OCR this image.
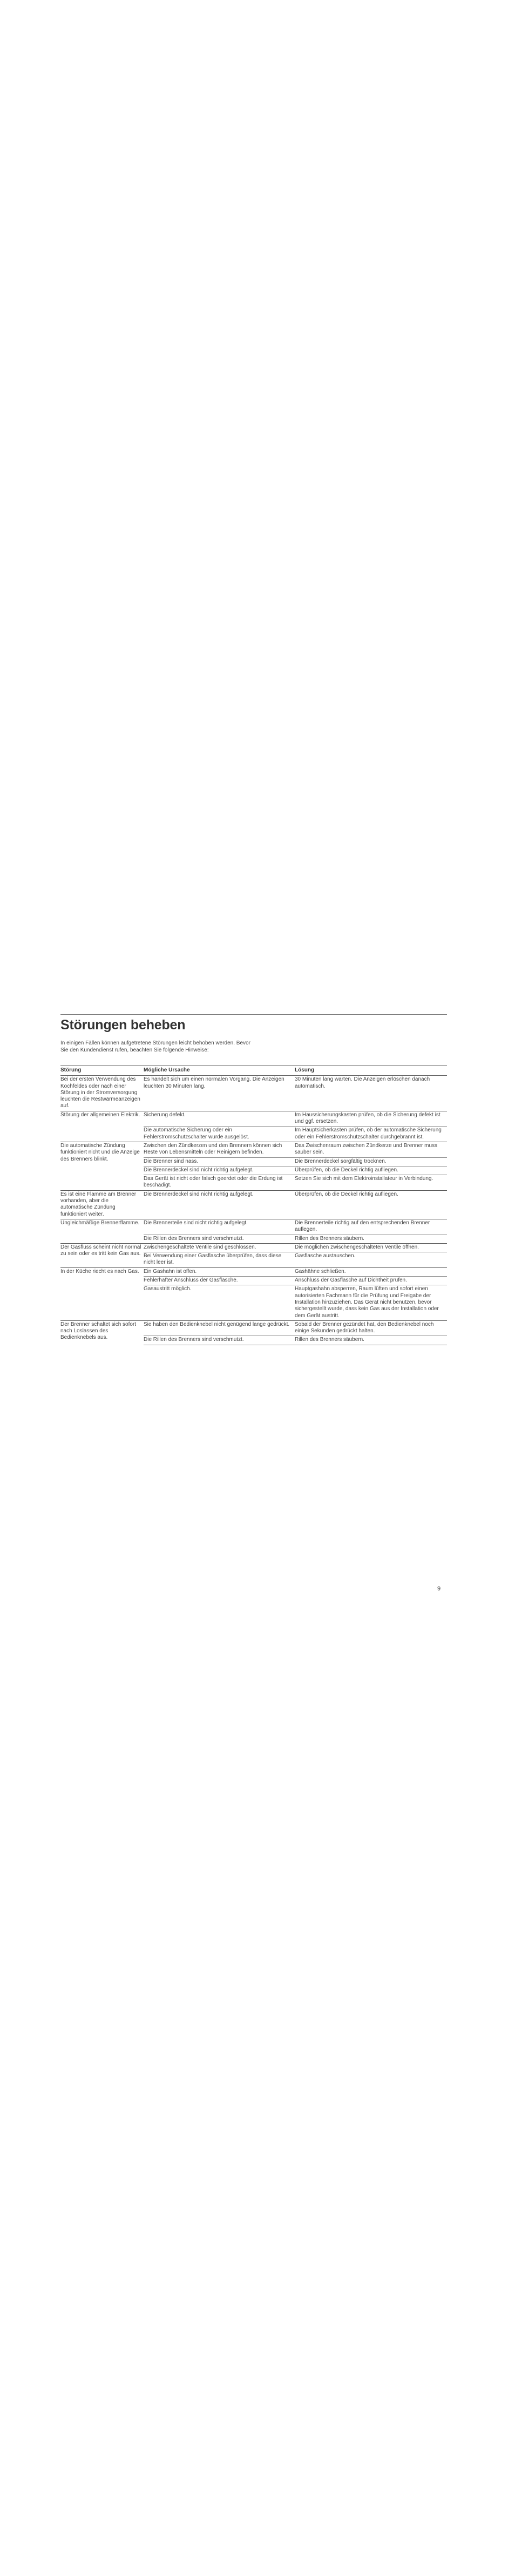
Störungen beheben

In einigen Fällen können aufgetretene Störungen leicht behoben werden. Bevor Sie den Kundendienst rufen, beachten Sie folgende Hinweise:

Störung	Mögliche Ursache	Lösung
Bei der ersten Verwendung des Kochfeldes oder nach einer Störung in der Stromversorgung leuchten die Restwärmeanzeigen auf.	Es handelt sich um einen normalen Vorgang. Die Anzeigen leuchten 30 Minuten lang.	30 Minuten lang warten. Die Anzeigen erlöschen danach automatisch.
Störung der allgemeinen Elektrik.	Sicherung defekt.	Im Haussicherungskasten prüfen, ob die Sicherung defekt ist und ggf. ersetzen.
	Die automatische Sicherung oder ein Fehlerstromschutzschalter wurde ausgelöst.	Im Hauptsicherkasten prüfen, ob der automatische Sicherung oder ein Fehlerstromschutzschalter durchgebrannt ist.
Die automatische Zündung funktioniert nicht und die Anzeige des Brenners blinkt.	Zwischen den Zündkerzen und den Brennern können sich Reste von Lebensmitteln oder Reinigern befinden.	Das Zwischenraum zwischen Zündkerze und Brenner muss sauber sein.
	Die Brenner sind nass.	Die Brennerdeckel sorgfältig trocknen.
	Die Brennerdeckel sind nicht richtig aufgelegt.	Überprüfen, ob die Deckel richtig aufliegen.
	Das Gerät ist nicht oder falsch geerdet oder die Erdung ist beschädigt.	Setzen Sie sich mit dem Elektroinstallateur in Verbindung.
Es ist eine Flamme am Brenner vorhanden, aber die automatische Zündung funktioniert weiter.	Die Brennerdeckel sind nicht richtig aufgelegt.	Überprüfen, ob die Deckel richtig aufliegen.
Ungleichmäßige Brennerflamme.	Die Brennerteile sind nicht richtig aufgelegt.	Die Brennerteile richtig auf den entsprechenden Brenner auflegen.
	Die Rillen des Brenners sind verschmutzt.	Rillen des Brenners säubern.
Der Gasfluss scheint nicht normal zu sein oder es tritt kein Gas aus.	Zwischengeschaltete Ventile sind geschlossen.	Die möglichen zwischengeschalteten Ventile öffnen.
	Bei Verwendung einer Gasflasche überprüfen, dass diese nicht leer ist.	Gasflasche austauschen.
In der Küche riecht es nach Gas.	Ein Gashahn ist offen.	Gashähne schließen.
	Fehlerhafter Anschluss der Gasflasche.	Anschluss der Gasflasche auf Dichtheit prüfen.
	Gasaustritt möglich.	Hauptgashahn absperren, Raum lüften und sofort einen autorisierten Fachmann für die Prüfung und Freigabe der Installation hinzuziehen. Das Gerät nicht benutzen, bevor sichergestellt wurde, dass kein Gas aus der Installation oder dem Gerät austritt.
Der Brenner schaltet sich sofort nach Loslassen des Bedienknebels aus.	Sie haben den Bedienknebel nicht genügend lange gedrückt.	Sobald der Brenner gezündet hat, den Bedienknebel noch einige Sekunden gedrückt halten.
	Die Rillen des Brenners sind verschmutzt.	Rillen des Brenners säubern.
9
